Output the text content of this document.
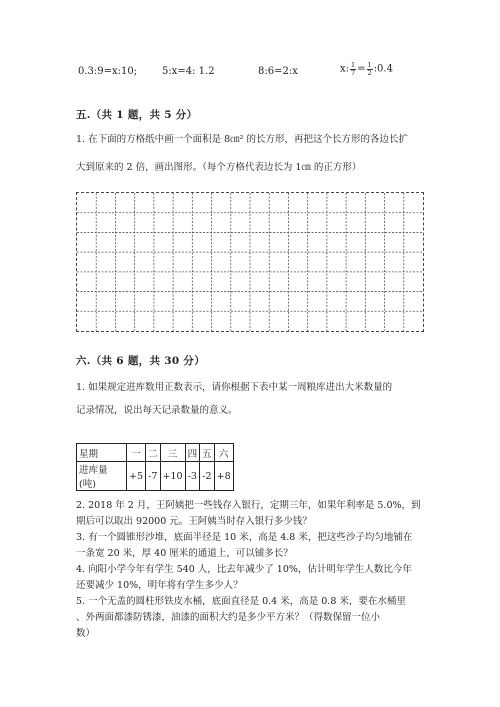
0.3:9=x:10; 5:x=4: 1.2	8:6=2:x	x: $\frac{1}{7} = \frac{1}{2}$ :0.4
五.（共 1 题，共 5 分）
1. 在下面的方格纸中画一个面积是 8㎝² 的长方形，再把这个长方形的各边长扩
大到原来的 2 倍，画出图形。（每个方格代表边长为 1㎝ 的正方形）
六.（共 6 题，共 30 分）
1. 如果规定进库数用正数表示，请你根据下表中某一周粮库进出大米数量的
记录情况，说出每天记录数量的意义。
星期	一	二	三	四	五	六
进库量(吨)	+5	-7	+10	-3	-2	+8
2. 2018 年 2 月，王阿姨把一些钱存入银行，定期三年，如果年利率是 5.0%，到
期后可以取出 92000 元。王阿姨当时存入银行多少钱？
3. 有一个圆锥形沙堆，底面半径是 10 米，高是 4.8 米，把这些沙子均匀地铺在
一条宽 20 米，厚 40 厘米的通道上，可以铺多长？
4. 向阳小学今年有学生 540 人，比去年减少了 10%，估计明年学生人数比今年
还要减少 10%，明年将有学生多少人？
5. 一个无盖的圆柱形铁皮水桶，底面直径是 0.4 米，高是 0.8 米，要在水桶里
、外两面都漆防锈漆，油漆的面积大约是多少平方米？（得数保留一位小
数）
